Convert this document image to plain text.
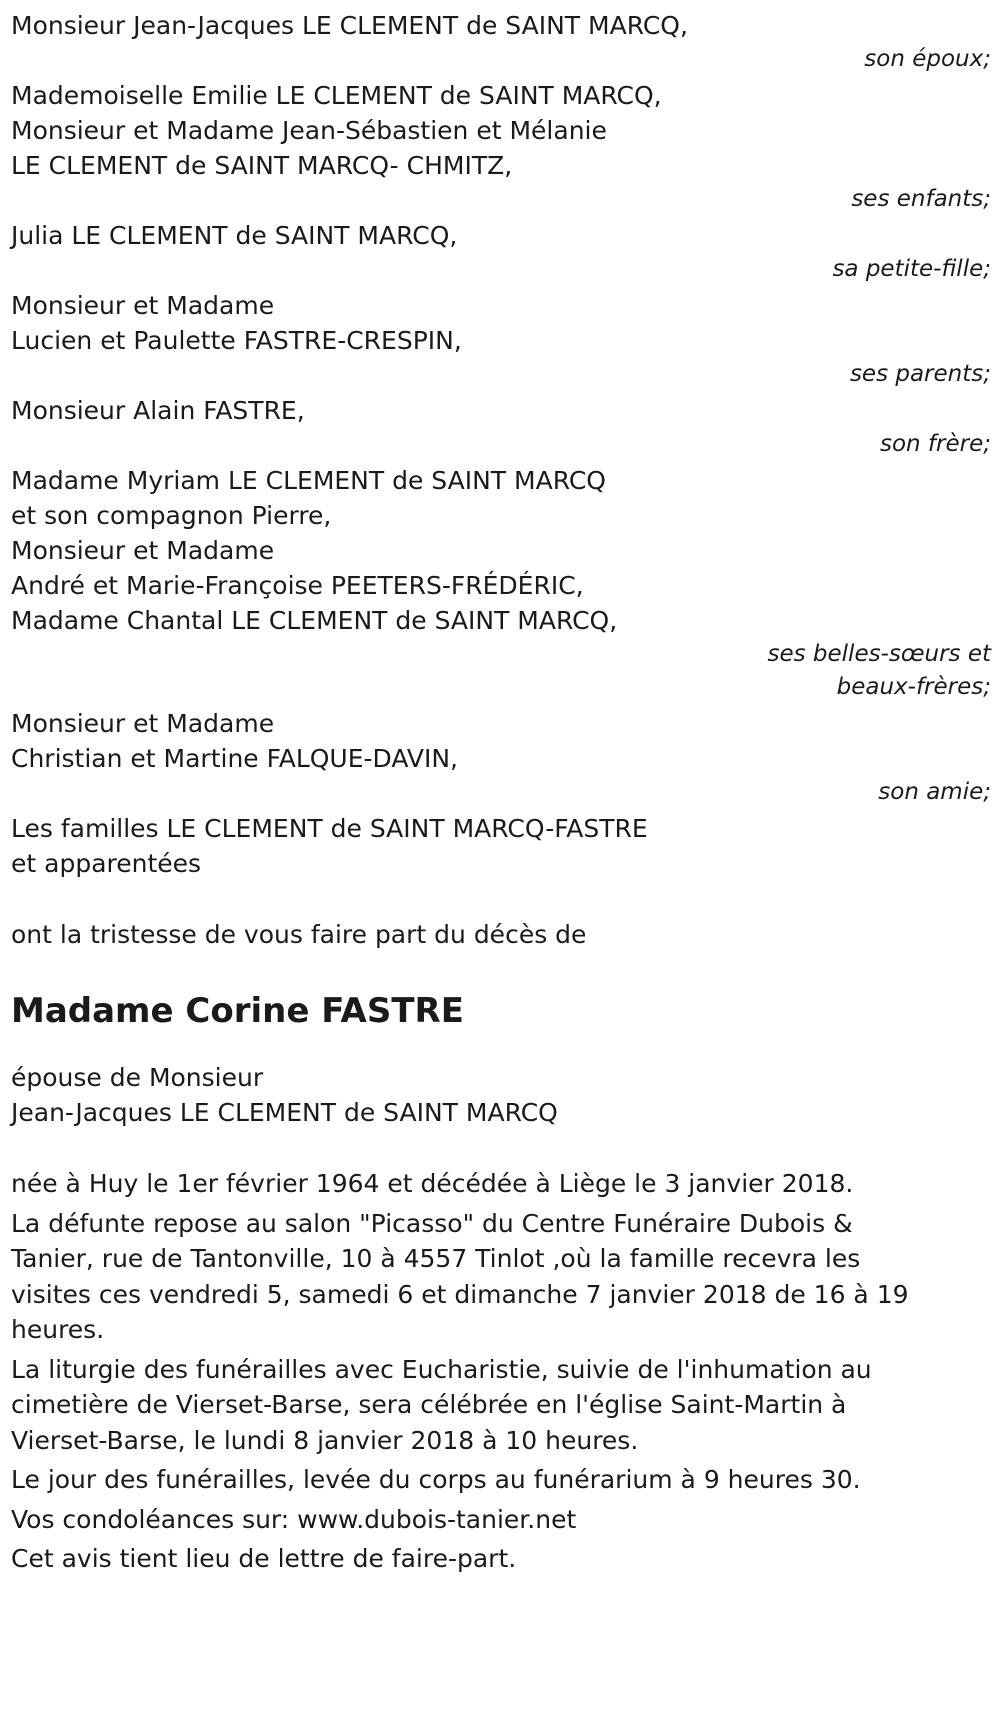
Monsieur Jean-Jacques LE CLEMENT de SAINT MARCQ,
son époux;
Mademoiselle Emilie LE CLEMENT de SAINT MARCQ,
Monsieur et Madame Jean-Sébastien et Mélanie
LE CLEMENT de SAINT MARCQ- CHMITZ,
ses enfants;
Julia LE CLEMENT de SAINT MARCQ,
sa petite-fille;
Monsieur et Madame
Lucien et Paulette FASTRE-CRESPIN,
ses parents;
Monsieur Alain FASTRE,
son frère;
Madame Myriam LE CLEMENT de SAINT MARCQ
et son compagnon Pierre,
Monsieur et Madame
André et Marie-Françoise PEETERS-FRÉDÉRIC,
Madame Chantal LE CLEMENT de SAINT MARCQ,
ses belles-sœurs et
beaux-frères;
Monsieur et Madame
Christian et Martine FALQUE-DAVIN,
son amie;
Les familles LE CLEMENT de SAINT MARCQ-FASTRE
et apparentées
ont la tristesse de vous faire part du décès de
Madame Corine FASTRE
épouse de Monsieur
Jean-Jacques LE CLEMENT de SAINT MARCQ
née à Huy le 1er février 1964 et décédée à Liège le 3 janvier 2018.
La défunte repose au salon "Picasso" du Centre Funéraire Dubois & Tanier, rue de Tantonville, 10 à 4557 Tinlot ,où la famille recevra les visites ces vendredi 5, samedi 6 et dimanche 7 janvier 2018 de 16 à 19 heures.
La liturgie des funérailles avec Eucharistie, suivie de l'inhumation au cimetière de Vierset-Barse, sera célébrée en l'église Saint-Martin à Vierset-Barse, le lundi 8 janvier 2018 à 10 heures.
Le jour des funérailles, levée du corps au funérarium à 9 heures 30.
Vos condoléances sur: www.dubois-tanier.net
Cet avis tient lieu de lettre de faire-part.
